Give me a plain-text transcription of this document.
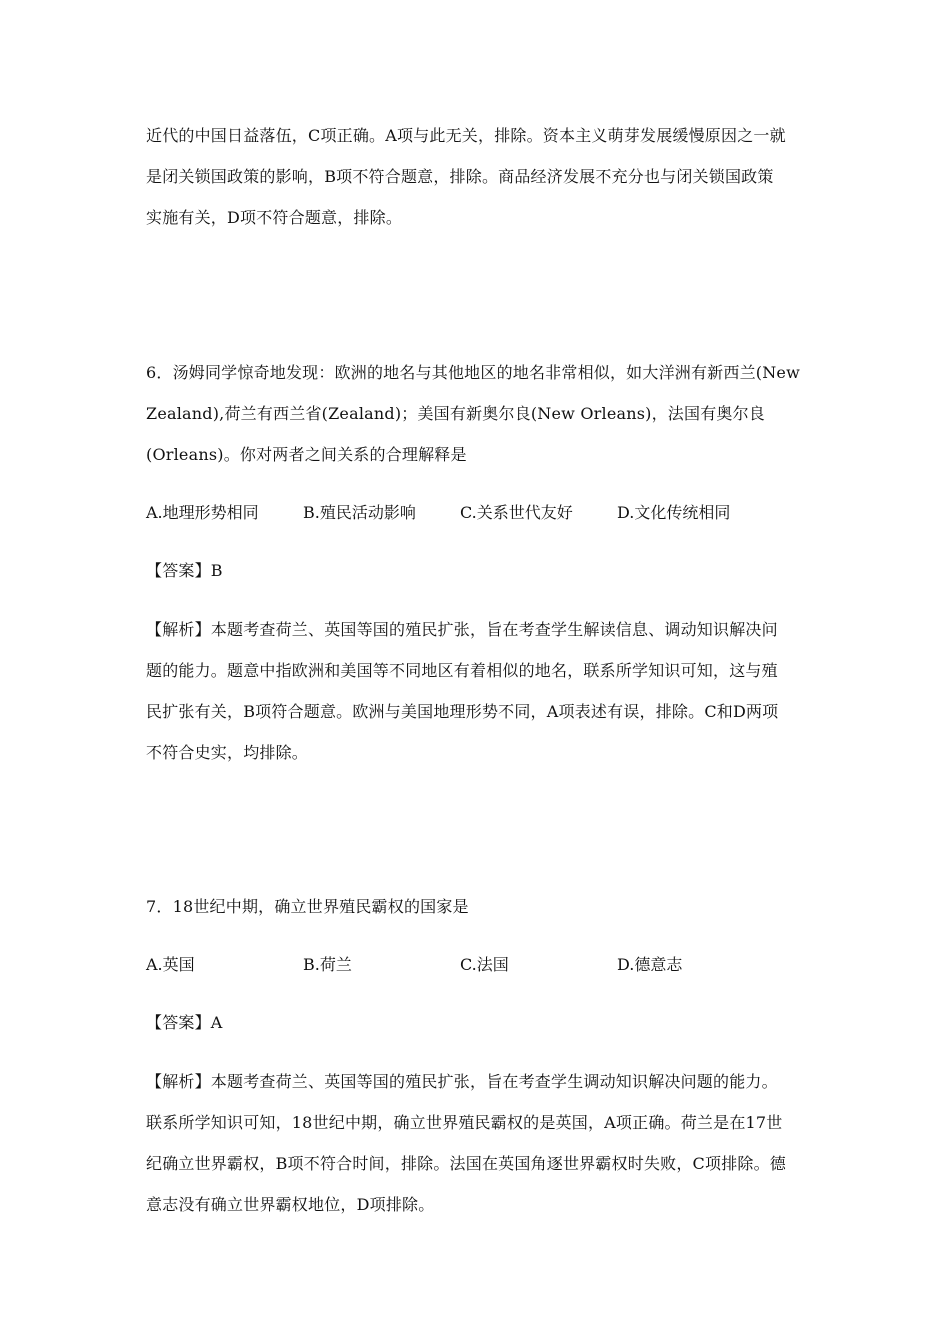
近代的中国日益落伍，C项正确。A项与此无关，排除。资本主义萌芽发展缓慢原因之一就
是闭关锁国政策的影响，B项不符合题意，排除。商品经济发展不充分也与闭关锁国政策
实施有关，D项不符合题意，排除。
6．汤姆同学惊奇地发现：欧洲的地名与其他地区的地名非常相似，如大洋洲有新西兰(New
Zealand),荷兰有西兰省(Zealand)；美国有新奥尔良(New Orleans)，法国有奥尔良
(Orleans)。你对两者之间关系的合理解释是
A.地理形势相同	B.殖民活动影响	C.关系世代友好	D.文化传统相同
【答案】B
【解析】本题考查荷兰、英国等国的殖民扩张，旨在考查学生解读信息、调动知识解决问
题的能力。题意中指欧洲和美国等不同地区有着相似的地名，联系所学知识可知，这与殖
民扩张有关，B项符合题意。欧洲与美国地理形势不同，A项表述有误，排除。C和D两项
不符合史实，均排除。
7．18世纪中期，确立世界殖民霸权的国家是
A.英国	B.荷兰	C.法国	D.德意志
【答案】A
【解析】本题考查荷兰、英国等国的殖民扩张，旨在考查学生调动知识解决问题的能力。
联系所学知识可知，18世纪中期，确立世界殖民霸权的是英国，A项正确。荷兰是在17世
纪确立世界霸权，B项不符合时间，排除。法国在英国角逐世界霸权时失败，C项排除。德
意志没有确立世界霸权地位，D项排除。
